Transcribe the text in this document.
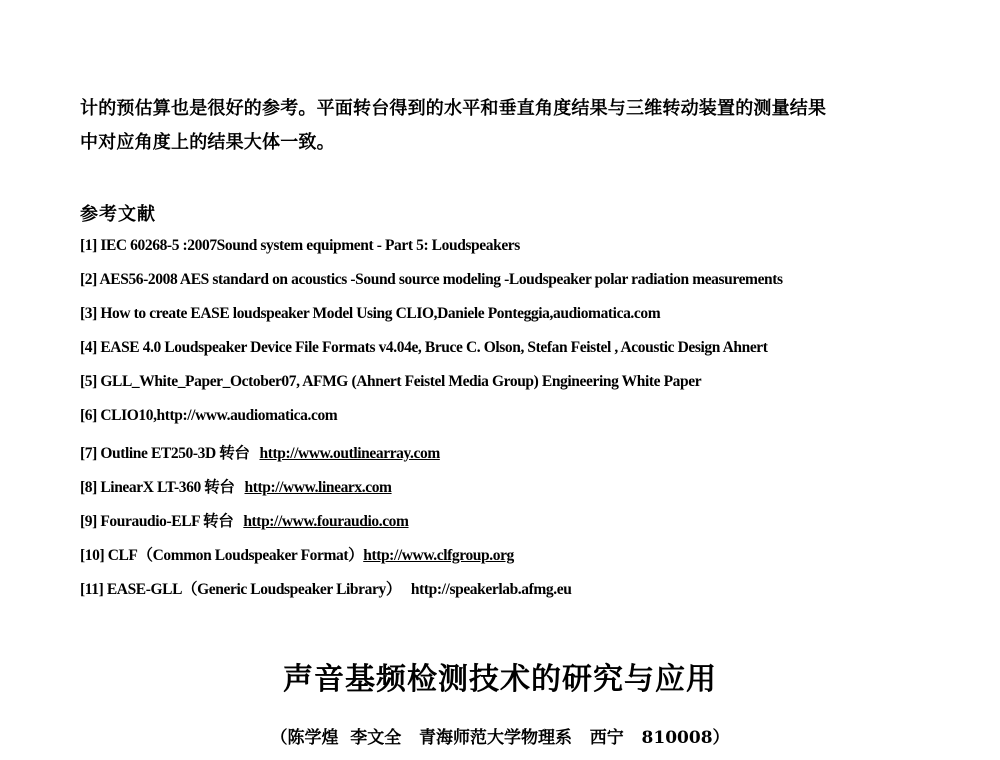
计的预估算也是很好的参考。平面转台得到的水平和垂直角度结果与三维转动装置的测量结果
中对应角度上的结果大体一致。
参考文献
[1] IEC 60268-5 :2007Sound system equipment - Part 5: Loudspeakers
[2] AES56-2008 AES standard on acoustics -Sound source modeling -Loudspeaker polar radiation measurements
[3] How to create EASE loudspeaker Model Using CLIO,Daniele Ponteggia,audiomatica.com
[4] EASE 4.0 Loudspeaker Device File Formats v4.04e, Bruce C. Olson, Stefan Feistel , Acoustic Design Ahnert
[5] GLL_White_Paper_October07, AFMG (Ahnert Feistel Media Group) Engineering White Paper
[6] CLIO10,http://www.audiomatica.com
[7] Outline ET250-3D 转台 http://www.outlinearray.com
[8] LinearX LT-360 转台 http://www.linearx.com
[9] Fouraudio-ELF 转台 http://www.fouraudio.com
[10] CLF（Common Loudspeaker Format）http://www.clfgroup.org
[11] EASE-GLL（Generic Loudspeaker Library） http://speakerlab.afmg.eu
声音基频检测技术的研究与应用
（陈学煌  李文全   青海师范大学物理系   西宁   810008）
